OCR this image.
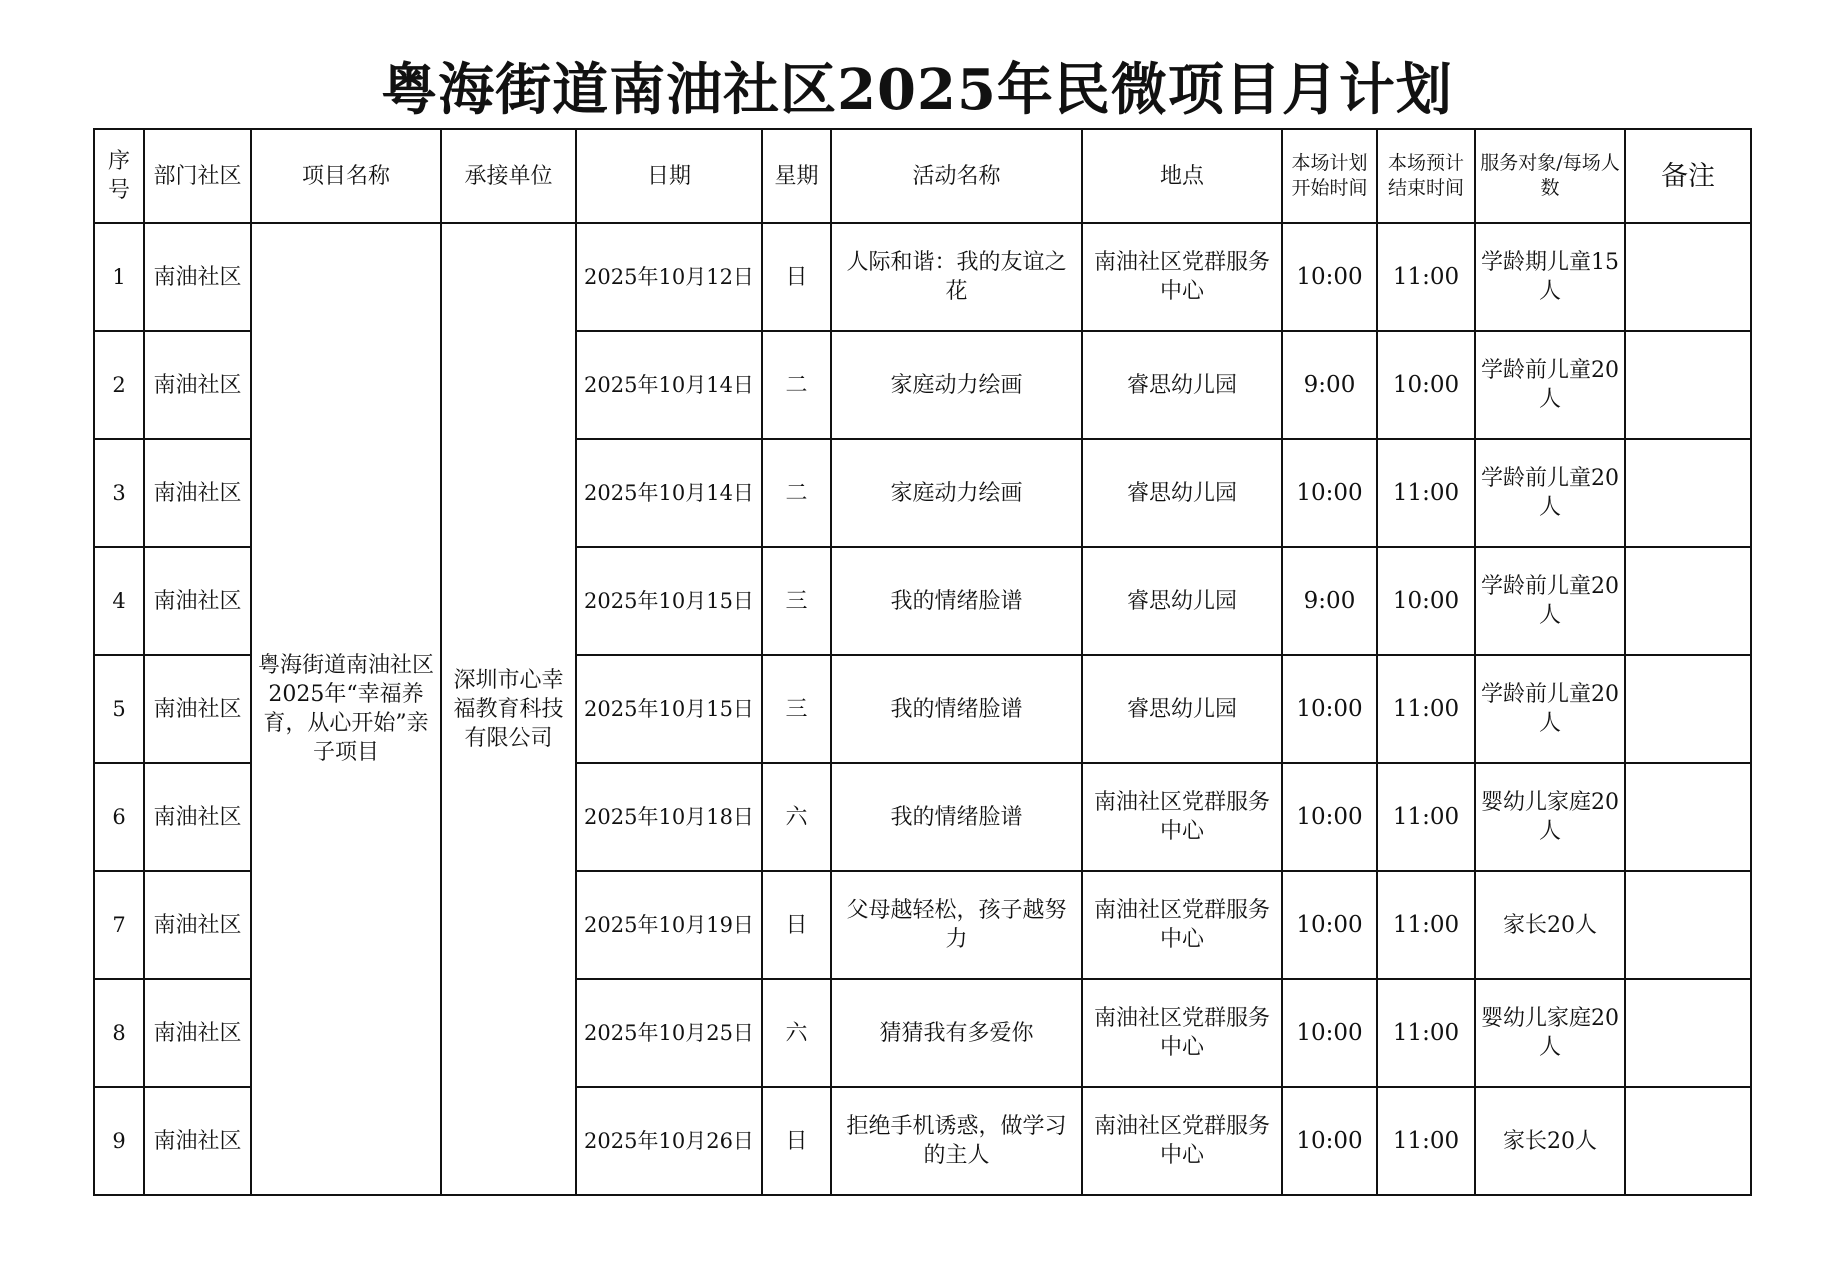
粤海街道南油社区2025年民微项目月计划
序号	部门社区	项目名称	承接单位	日期	星期	活动名称	地点	本场计划开始时间	本场预计结束时间	服务对象/每场人数	备注
1	南油社区	粤海街道南油社区 2025年“幸福养育，从心开始”亲子项目	深圳市心幸福教育科技有限公司	2025年10月12日	日	人际和谐：我的友谊之花	南油社区党群服务中心	10:00	11:00	学龄期儿童15人	
2	南油社区			2025年10月14日	二	家庭动力绘画	睿思幼儿园	9:00	10:00	学龄前儿童20人	
3	南油社区			2025年10月14日	二	家庭动力绘画	睿思幼儿园	10:00	11:00	学龄前儿童20人	
4	南油社区			2025年10月15日	三	我的情绪脸谱	睿思幼儿园	9:00	10:00	学龄前儿童20人	
5	南油社区			2025年10月15日	三	我的情绪脸谱	睿思幼儿园	10:00	11:00	学龄前儿童20人	
6	南油社区			2025年10月18日	六	我的情绪脸谱	南油社区党群服务中心	10:00	11:00	婴幼儿家庭20人	
7	南油社区			2025年10月19日	日	父母越轻松，孩子越努力	南油社区党群服务中心	10:00	11:00	家长20人	
8	南油社区			2025年10月25日	六	猜猜我有多爱你	南油社区党群服务中心	10:00	11:00	婴幼儿家庭20人	
9	南油社区			2025年10月26日	日	拒绝手机诱惑，做学习的主人	南油社区党群服务中心	10:00	11:00	家长20人	
